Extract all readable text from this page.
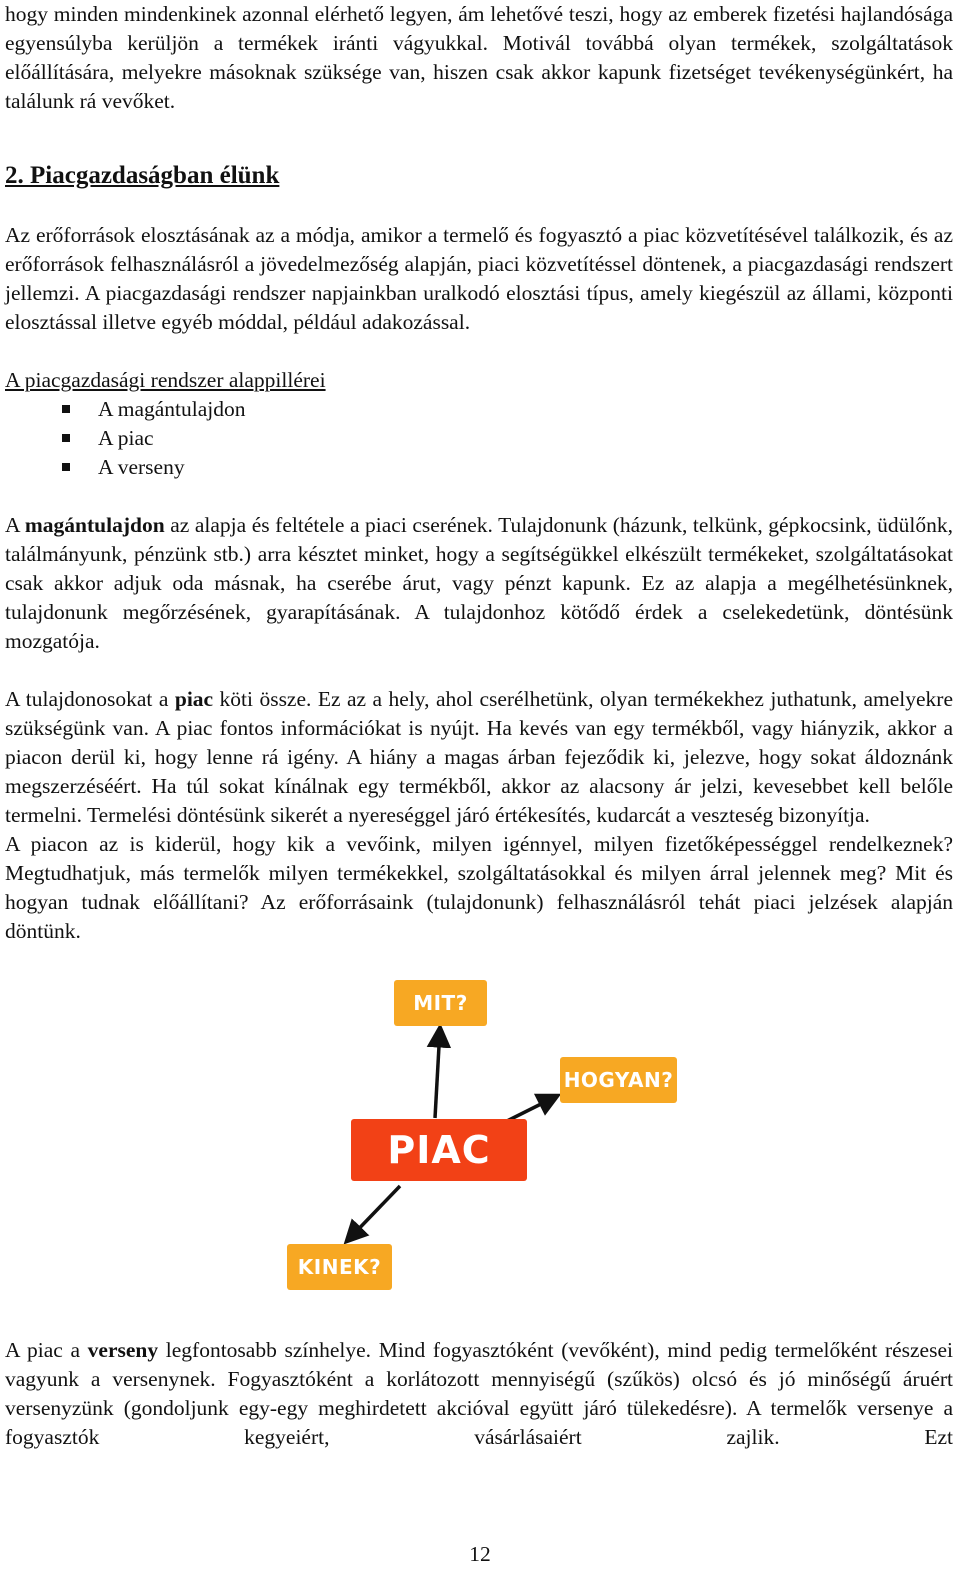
hogy minden mindenkinek azonnal elérhető legyen, ám lehetővé teszi, hogy az emberek fizetési hajlandósága egyensúlyba kerüljön a termékek iránti vágyukkal. Motivál továbbá olyan termékek, szolgáltatások előállítására, melyekre másoknak szüksége van, hiszen csak akkor kapunk fizetséget tevékenységünkért, ha találunk rá vevőket.

2. Piacgazdaságban élünk

Az erőforrások elosztásának az a módja, amikor a termelő és fogyasztó a piac közvetítésével találkozik, és az erőforrások felhasználásról a jövedelmezőség alapján, piaci közvetítéssel döntenek, a piacgazdasági rendszert jellemzi. A piacgazdasági rendszer napjainkban uralkodó elosztási típus, amely kiegészül az állami, központi elosztással illetve egyéb móddal, például adakozással.

A piacgazdasági rendszer alappillérei
A magántulajdon
A piac
A verseny

A magántulajdon az alapja és feltétele a piaci cserének. Tulajdonunk (házunk, telkünk, gépkocsink, üdülőnk, találmányunk, pénzünk stb.) arra késztet minket, hogy a segítségükkel elkészült termékeket, szolgáltatásokat csak akkor adjuk oda másnak, ha cserébe árut, vagy pénzt kapunk. Ez az alapja a megélhetésünknek, tulajdonunk megőrzésének, gyarapításának. A tulajdonhoz kötődő érdek a cselekedetünk, döntésünk mozgatója.

A tulajdonosokat a piac köti össze. Ez az a hely, ahol cserélhetünk, olyan termékekhez juthatunk, amelyekre szükségünk van. A piac fontos információkat is nyújt. Ha kevés van egy termékből, vagy hiányzik, akkor a piacon derül ki, hogy lenne rá igény. A hiány a magas árban fejeződik ki, jelezve, hogy sokat áldoznánk megszerzéséért. Ha túl sokat kínálnak egy termékből, akkor az alacsony ár jelzi, kevesebbet kell belőle termelni. Termelési döntésünk sikerét a nyereséggel járó értékesítés, kudarcát a veszteség bizonyítja.

A piacon az is kiderül, hogy kik a vevőink, milyen igénnyel, milyen fizetőképességgel rendelkeznek? Megtudhatjuk, más termelők milyen termékekkel, szolgáltatásokkal és milyen árral jelennek meg? Mit és hogyan tudnak előállítani? Az erőforrásaink (tulajdonunk) felhasználásról tehát piaci jelzések alapján döntünk.

MIT?
HOGYAN?
PIAC
KINEK?

A piac a verseny legfontosabb színhelye. Mind fogyasztóként (vevőként), mind pedig termelőként részesei vagyunk a versenynek. Fogyasztóként a korlátozott mennyiségű (szűkös) olcsó és jó minőségű áruért versenyzünk (gondoljunk egy-egy meghirdetett akcióval együtt járó tülekedésre). A termelők versenye a fogyasztók kegyeiért, vásárlásaiért zajlik. Ezt

12
